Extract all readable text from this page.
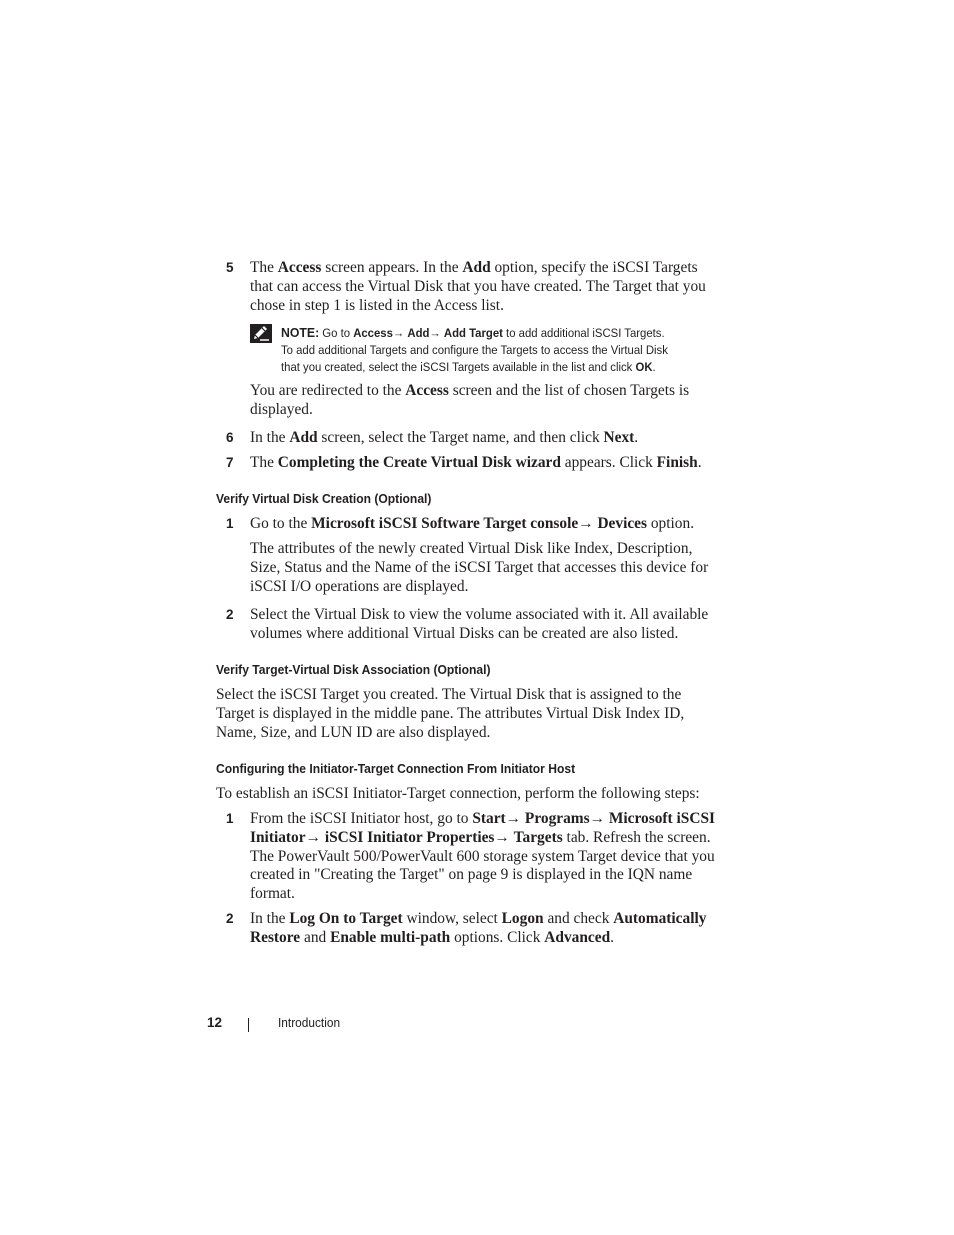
5 The Access screen appears. In the Add option, specify the iSCSI Targets that can access the Virtual Disk that you have created. The Target that you chose in step 1 is listed in the Access list.
NOTE: Go to Access→ Add→ Add Target to add additional iSCSI Targets.
To add additional Targets and configure the Targets to access the Virtual Disk
that you created, select the iSCSI Targets available in the list and click OK.
You are redirected to the Access screen and the list of chosen Targets is displayed.
6 In the Add screen, select the Target name, and then click Next.
7 The Completing the Create Virtual Disk wizard appears. Click Finish.
Verify Virtual Disk Creation (Optional)
1 Go to the Microsoft iSCSI Software Target console→ Devices option.
The attributes of the newly created Virtual Disk like Index, Description, Size, Status and the Name of the iSCSI Target that accesses this device for iSCSI I/O operations are displayed.
2 Select the Virtual Disk to view the volume associated with it. All available volumes where additional Virtual Disks can be created are also listed.
Verify Target-Virtual Disk Association (Optional)
Select the iSCSI Target you created. The Virtual Disk that is assigned to the Target is displayed in the middle pane. The attributes Virtual Disk Index ID, Name, Size, and LUN ID are also displayed.
Configuring the Initiator-Target Connection From Initiator Host
To establish an iSCSI Initiator-Target connection, perform the following steps:
1 From the iSCSI Initiator host, go to Start→ Programs→ Microsoft iSCSI Initiator→ iSCSI Initiator Properties→ Targets tab. Refresh the screen. The PowerVault 500/PowerVault 600 storage system Target device that you created in "Creating the Target" on page 9 is displayed in the IQN name format.
2 In the Log On to Target window, select Logon and check Automatically Restore and Enable multi-path options. Click Advanced.
12	Introduction
